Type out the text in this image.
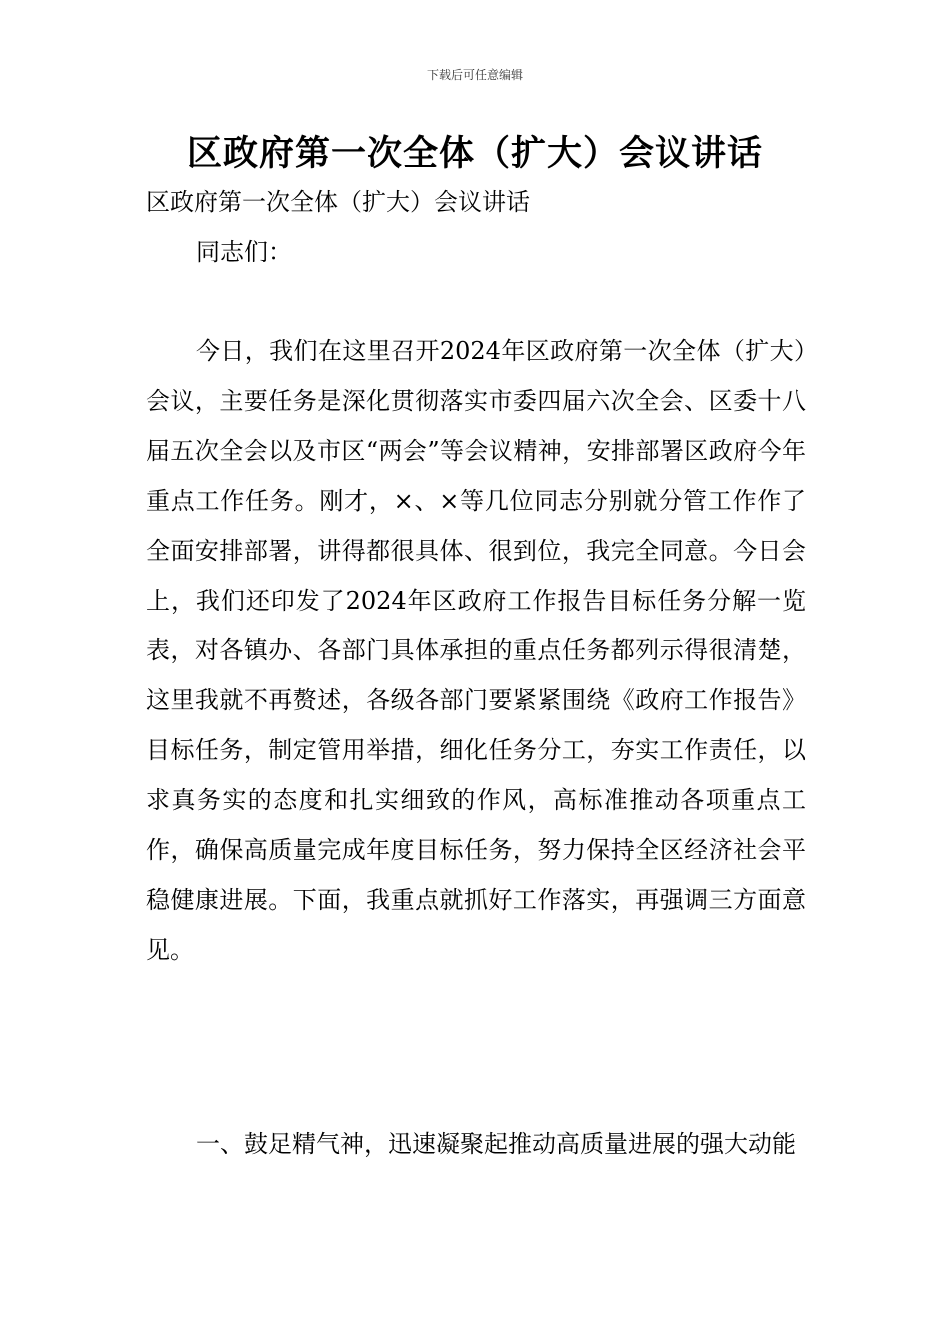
下载后可任意编辑
区政府第一次全体（扩大）会议讲话

区政府第一次全体（扩大）会议讲话

同志们：

今日，我们在这里召开2024年区政府第一次全体（扩大）会议，主要任务是深化贯彻落实市委四届六次全会、区委十八届五次全会以及市区“两会”等会议精神，安排部署区政府今年重点工作任务。刚才，×、×等几位同志分别就分管工作作了全面安排部署，讲得都很具体、很到位，我完全同意。今日会上，我们还印发了2024年区政府工作报告目标任务分解一览表，对各镇办、各部门具体承担的重点任务都列示得很清楚，这里我就不再赘述，各级各部门要紧紧围绕《政府工作报告》目标任务，制定管用举措，细化任务分工，夯实工作责任，以求真务实的态度和扎实细致的作风，高标准推动各项重点工作，确保高质量完成年度目标任务，努力保持全区经济社会平稳健康进展。下面，我重点就抓好工作落实，再强调三方面意见。

一、鼓足精气神，迅速凝聚起推动高质量进展的强大动能
